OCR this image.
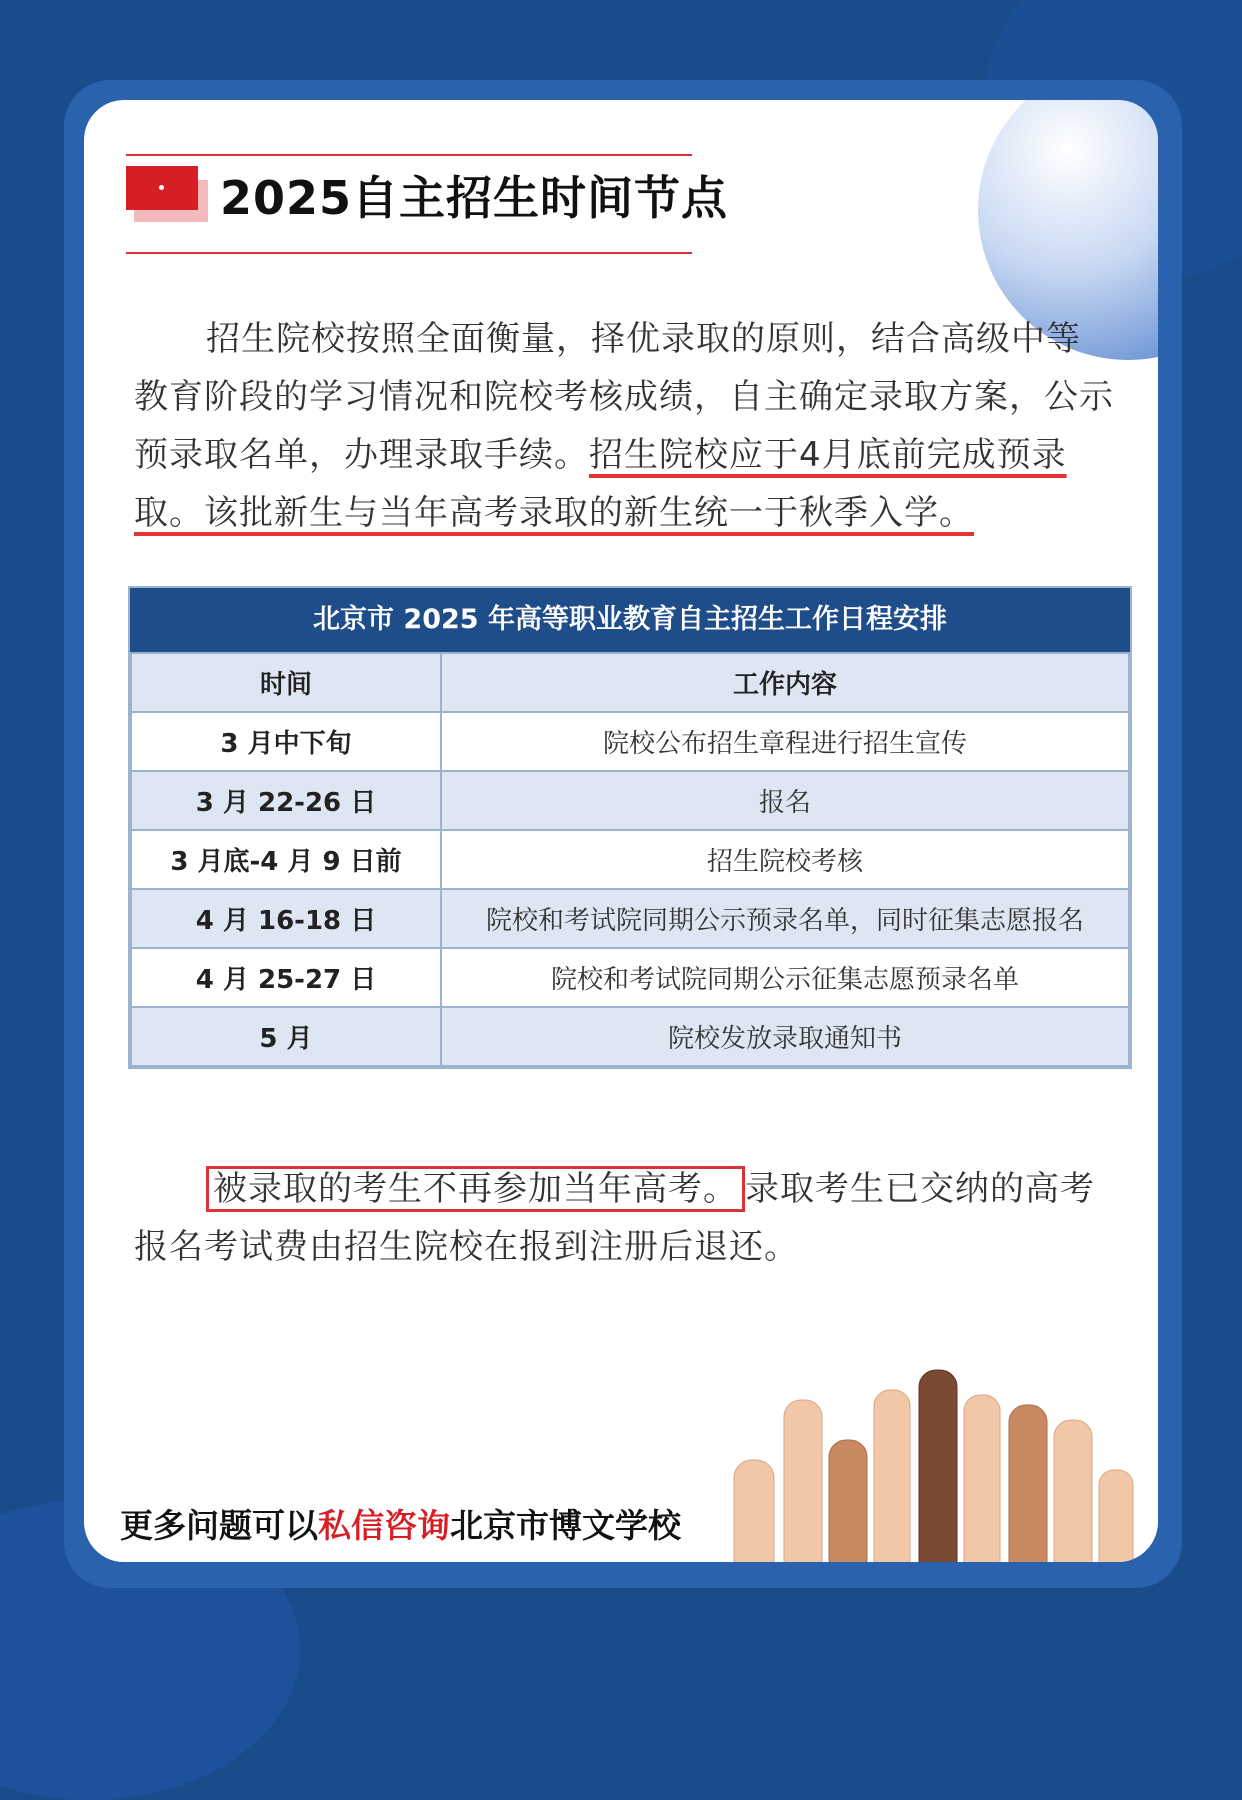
2025自主招生时间节点
招生院校按照全面衡量，择优录取的原则，结合高级中等教育阶段的学习情况和院校考核成绩，自主确定录取方案，公示预录取名单，办理录取手续。招生院校应于4月底前完成预录取。该批新生与当年高考录取的新生统一于秋季入学。
北京市 2025 年高等职业教育自主招生工作日程安排
时间	工作内容
3 月中下旬	院校公布招生章程进行招生宣传
3 月 22-26 日	报名
3 月底-4 月 9 日前	招生院校考核
4 月 16-18 日	院校和考试院同期公示预录名单，同时征集志愿报名
4 月 25-27 日	院校和考试院同期公示征集志愿预录名单
5 月	院校发放录取通知书
被录取的考生不再参加当年高考。 录取考生已交纳的高考报名考试费由招生院校在报到注册后退还。
更多问题可以私信咨询北京市博文学校
